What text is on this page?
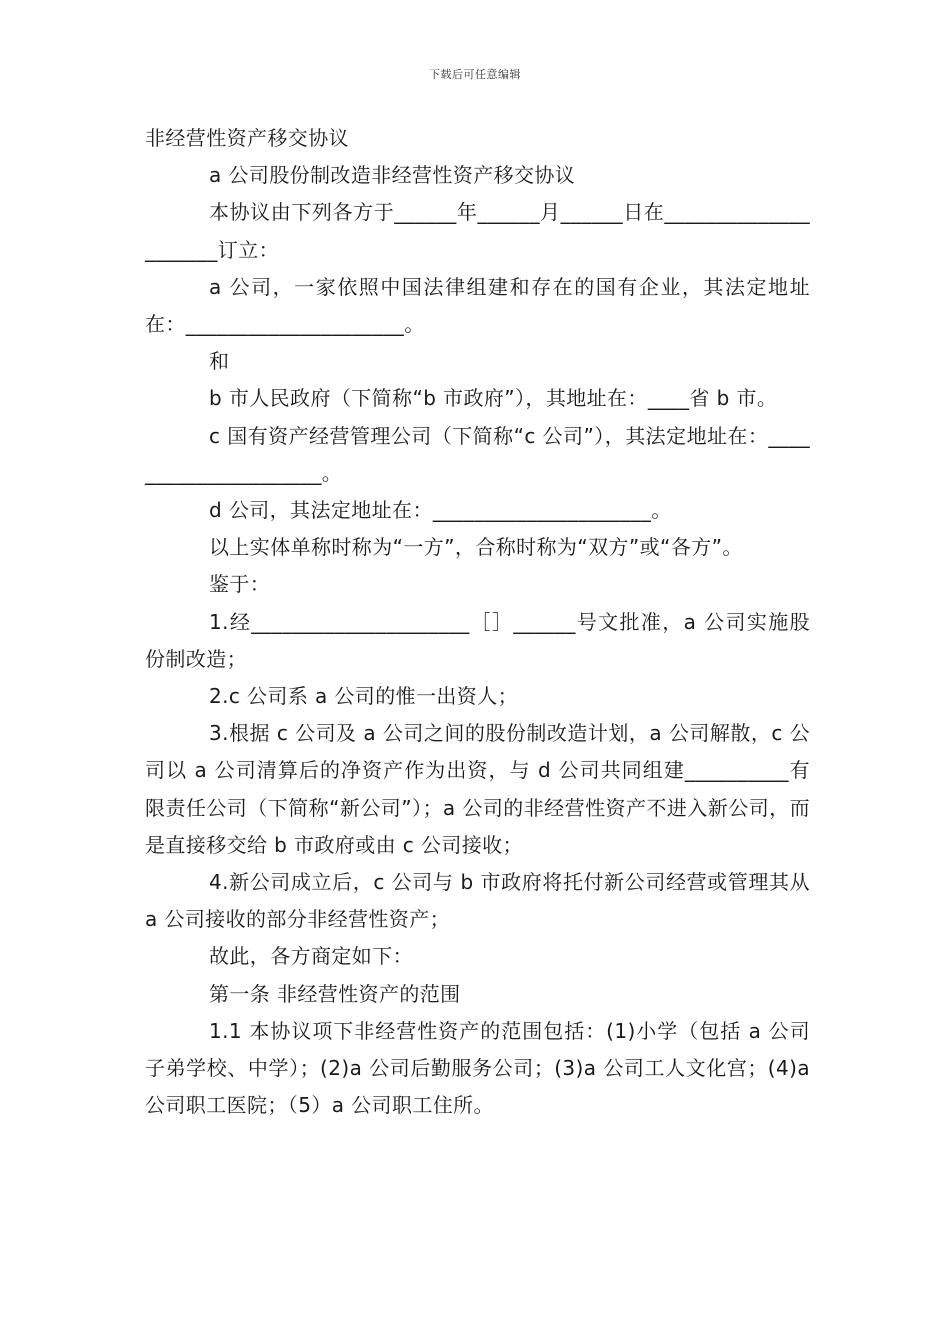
下载后可任意编辑

非经营性资产移交协议

a 公司股份制改造非经营性资产移交协议

本协议由下列各方于______年______月______日在_____________________订立：

a 公司，一家依照中国法律组建和存在的国有企业，其法定地址在：_____________________。

和

b 市人民政府（下简称“b 市政府”），其地址在：____省 b 市。

c 国有资产经营管理公司（下简称“c 公司”），其法定地址在：_____________________。

d 公司，其法定地址在：_____________________。

以上实体单称时称为“一方”，合称时称为“双方”或“各方”。

鉴于：

1.经_____________________［］______号文批准，a 公司实施股份制改造；

2.c 公司系 a 公司的惟一出资人；

3.根据 c 公司及 a 公司之间的股份制改造计划，a 公司解散，c 公司以 a 公司清算后的净资产作为出资，与 d 公司共同组建__________有限责任公司（下简称“新公司”）；a 公司的非经营性资产不进入新公司，而是直接移交给 b 市政府或由 c 公司接收；

4.新公司成立后，c 公司与 b 市政府将托付新公司经营或管理其从 a 公司接收的部分非经营性资产；

故此，各方商定如下：

第一条 非经营性资产的范围

1.1 本协议项下非经营性资产的范围包括：(1)小学（包括 a 公司子弟学校、中学）；(2)a 公司后勤服务公司；(3)a 公司工人文化宫；(4)a 公司职工医院；（5）a 公司职工住所。
